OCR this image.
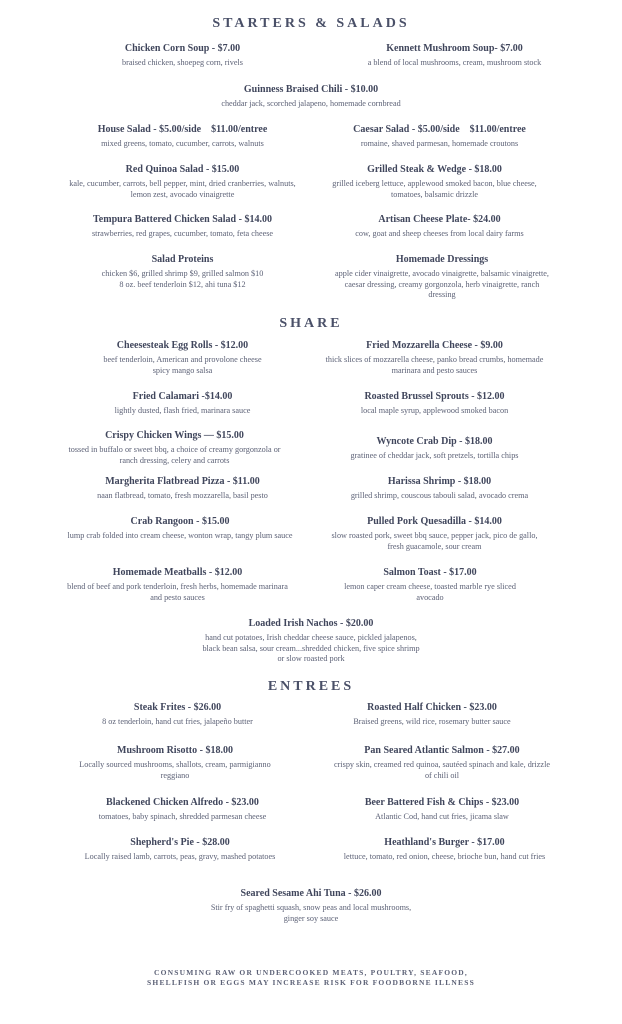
STARTERS & SALADS
Chicken Corn Soup - $7.00
braised chicken, shoepeg corn, rivels
Kennett Mushroom Soup- $7.00
a blend of local mushrooms, cream, mushroom stock
Guinness Braised Chili - $10.00
cheddar jack, scorched jalapeno, homemade cornbread
House Salad - $5.00/side    $11.00/entree
mixed greens, tomato, cucumber, carrots, walnuts
Caesar Salad - $5.00/side    $11.00/entree
romaine, shaved parmesan, homemade croutons
Red Quinoa Salad - $15.00
kale, cucumber, carrots, bell pepper, mint, dried cranberries, walnuts, lemon zest, avocado vinaigrette
Grilled Steak & Wedge - $18.00
grilled iceberg lettuce, applewood smoked bacon, blue cheese, tomatoes, balsamic drizzle
Tempura Battered Chicken Salad - $14.00
strawberries, red grapes, cucumber, tomato, feta cheese
Artisan Cheese Plate- $24.00
cow, goat and sheep cheeses from local dairy farms
Salad Proteins
chicken $6, grilled shrimp $9, grilled salmon $10
8 oz. beef tenderloin $12, ahi tuna $12
Homemade Dressings
apple cider vinaigrette, avocado vinaigrette, balsamic vinaigrette, caesar dressing, creamy gorgonzola, herb vinaigrette, ranch dressing
SHARE
Cheesesteak Egg Rolls - $12.00
beef tenderloin, American and provolone cheese
spicy mango salsa
Fried Mozzarella Cheese - $9.00
thick slices of mozzarella cheese, panko bread crumbs, homemade marinara and pesto sauces
Fried Calamari -$14.00
lightly dusted, flash fried, marinara sauce
Roasted Brussel Sprouts - $12.00
local maple syrup, applewood smoked bacon
Crispy Chicken Wings — $15.00
tossed in buffalo or sweet bbq, a choice of creamy gorgonzola or ranch dressing, celery and carrots
Wyncote Crab Dip - $18.00
gratinee of cheddar jack, soft pretzels, tortilla chips
Margherita Flatbread Pizza - $11.00
naan flatbread, tomato, fresh mozzarella, basil pesto
Harissa Shrimp - $18.00
grilled shrimp, couscous tabouli salad, avocado crema
Crab Rangoon - $15.00
lump crab folded into cream cheese, wonton wrap, tangy plum sauce
Pulled Pork Quesadilla - $14.00
slow roasted pork, sweet bbq sauce, pepper jack, pico de gallo, fresh guacamole, sour cream
Homemade Meatballs - $12.00
blend of beef and pork tenderloin, fresh herbs, homemade marinara and pesto sauces
Salmon Toast - $17.00
lemon caper cream cheese, toasted marble rye sliced avocado
Loaded Irish Nachos - $20.00
hand cut potatoes, Irish cheddar cheese sauce, pickled jalapenos, black bean salsa, sour cream...shredded chicken, five spice shrimp or slow roasted pork
ENTREES
Steak Frites - $26.00
8 oz tenderloin, hand cut fries, jalapeño butter
Roasted Half Chicken - $23.00
Braised greens, wild rice, rosemary butter sauce
Mushroom Risotto - $18.00
Locally sourced mushrooms, shallots, cream, parmigianno reggiano
Pan Seared Atlantic Salmon - $27.00
crispy skin, creamed red quinoa, sautéed spinach and kale, drizzle of chili oil
Blackened Chicken Alfredo - $23.00
tomatoes, baby spinach, shredded parmesan cheese
Beer Battered Fish & Chips - $23.00
Atlantic Cod, hand cut fries, jicama slaw
Shepherd's Pie - $28.00
Locally raised lamb, carrots, peas, gravy, mashed potatoes
Heathland's Burger - $17.00
lettuce, tomato, red onion, cheese, brioche bun, hand cut fries
Seared Sesame Ahi Tuna - $26.00
Stir fry of spaghetti squash, snow peas and local mushrooms, ginger soy sauce
CONSUMING RAW OR UNDERCOOKED MEATS, POULTRY, SEAFOOD,
SHELLFISH OR EGGS MAY INCREASE RISK FOR FOODBORNE ILLNESS
